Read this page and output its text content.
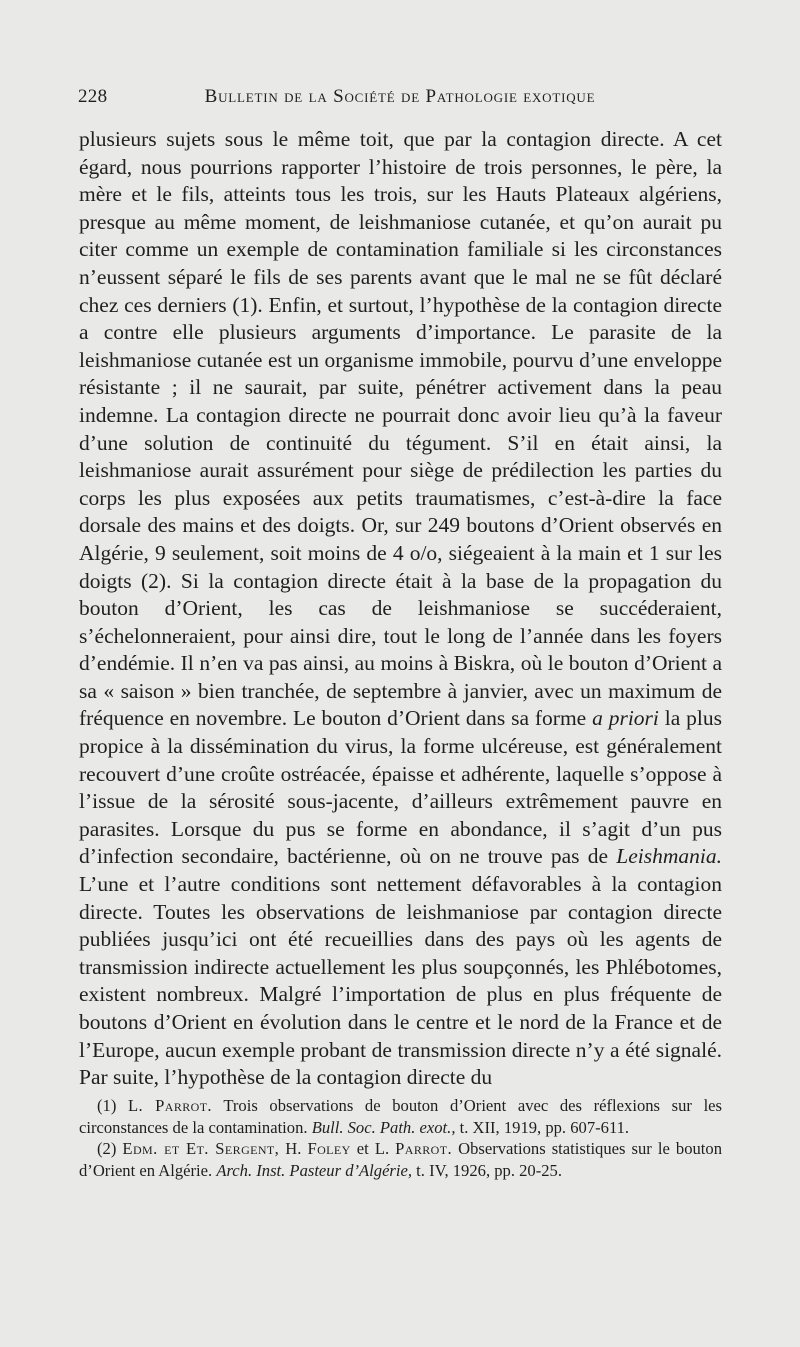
228	Bulletin de la Société de Pathologie exotique

plusieurs sujets sous le même toit, que par la contagion directe. A cet égard, nous pourrions rapporter l’histoire de trois personnes, le père, la mère et le fils, atteints tous les trois, sur les Hauts Plateaux algériens, presque au même moment, de leishmaniose cutanée, et qu’on aurait pu citer comme un exemple de contamination familiale si les circonstances n’eussent séparé le fils de ses parents avant que le mal ne se fût déclaré chez ces derniers (1). Enfin, et surtout, l’hypothèse de la contagion directe a contre elle plusieurs arguments d’importance. Le parasite de la leishmaniose cutanée est un organisme immobile, pourvu d’une enveloppe résistante ; il ne saurait, par suite, pénétrer activement dans la peau indemne. La contagion directe ne pourrait donc avoir lieu qu’à la faveur d’une solution de continuité du tégument. S’il en était ainsi, la leishmaniose aurait assurément pour siège de prédilection les parties du corps les plus exposées aux petits traumatismes, c’est-à-dire la face dorsale des mains et des doigts. Or, sur 249 boutons d’Orient observés en Algérie, 9 seulement, soit moins de 4 o/o, siégeaient à la main et 1 sur les doigts (2). Si la contagion directe était à la base de la propagation du bouton d’Orient, les cas de leishmaniose se succéderaient, s’échelonneraient, pour ainsi dire, tout le long de l’année dans les foyers d’endémie. Il n’en va pas ainsi, au moins à Biskra, où le bouton d’Orient a sa « saison » bien tranchée, de septembre à janvier, avec un maximum de fréquence en novembre. Le bouton d’Orient dans sa forme a priori la plus propice à la dissémination du virus, la forme ulcéreuse, est généralement recouvert d’une croûte ostréacée, épaisse et adhérente, laquelle s’oppose à l’issue de la sérosité sous-jacente, d’ailleurs extrêmement pauvre en parasites. Lorsque du pus se forme en abondance, il s’agit d’un pus d’infection secondaire, bactérienne, où on ne trouve pas de Leishmania. L’une et l’autre conditions sont nettement défavorables à la contagion directe. Toutes les observations de leishmaniose par contagion directe publiées jusqu’ici ont été recueillies dans des pays où les agents de transmission indirecte actuellement les plus soupçonnés, les Phlébotomes, existent nombreux. Malgré l’importation de plus en plus fréquente de boutons d’Orient en évolution dans le centre et le nord de la France et de l’Europe, aucun exemple probant de transmission directe n’y a été signalé. Par suite, l’hypothèse de la contagion directe du

(1) L. Parrot. Trois observations de bouton d’Orient avec des réflexions sur les circonstances de la contamination. Bull. Soc. Path. exot., t. XII, 1919, pp. 607-611.

(2) Edm. et Et. Sergent, H. Foley et L. Parrot. Observations statistiques sur le bouton d’Orient en Algérie. Arch. Inst. Pasteur d’Algérie, t. IV, 1926, pp. 20-25.
